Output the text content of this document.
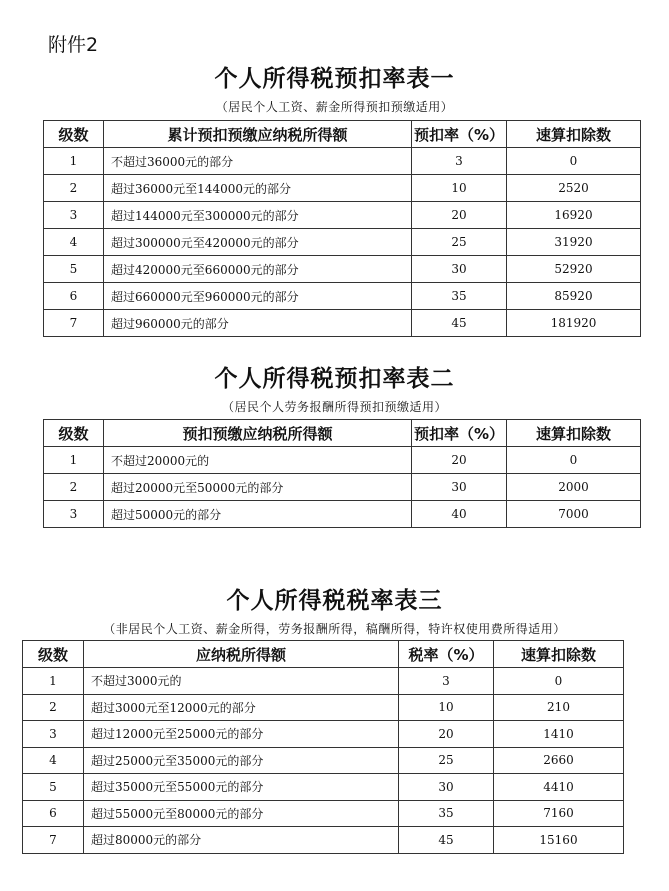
附件2
个人所得税预扣率表一
（居民个人工资、薪金所得预扣预缴适用）
级数	累计预扣预缴应纳税所得额	预扣率（%）	速算扣除数
1	不超过36000元的部分	3	0
2	超过36000元至144000元的部分	10	2520
3	超过144000元至300000元的部分	20	16920
4	超过300000元至420000元的部分	25	31920
5	超过420000元至660000元的部分	30	52920
6	超过660000元至960000元的部分	35	85920
7	超过960000元的部分	45	181920
个人所得税预扣率表二
（居民个人劳务报酬所得预扣预缴适用）
级数	预扣预缴应纳税所得额	预扣率（%）	速算扣除数
1	不超过20000元的	20	0
2	超过20000元至50000元的部分	30	2000
3	超过50000元的部分	40	7000
个人所得税税率表三
（非居民个人工资、薪金所得，劳务报酬所得，稿酬所得，特许权使用费所得适用）
级数	应纳税所得额	税率（%）	速算扣除数
1	不超过3000元的	3	0
2	超过3000元至12000元的部分	10	210
3	超过12000元至25000元的部分	20	1410
4	超过25000元至35000元的部分	25	2660
5	超过35000元至55000元的部分	30	4410
6	超过55000元至80000元的部分	35	7160
7	超过80000元的部分	45	15160
